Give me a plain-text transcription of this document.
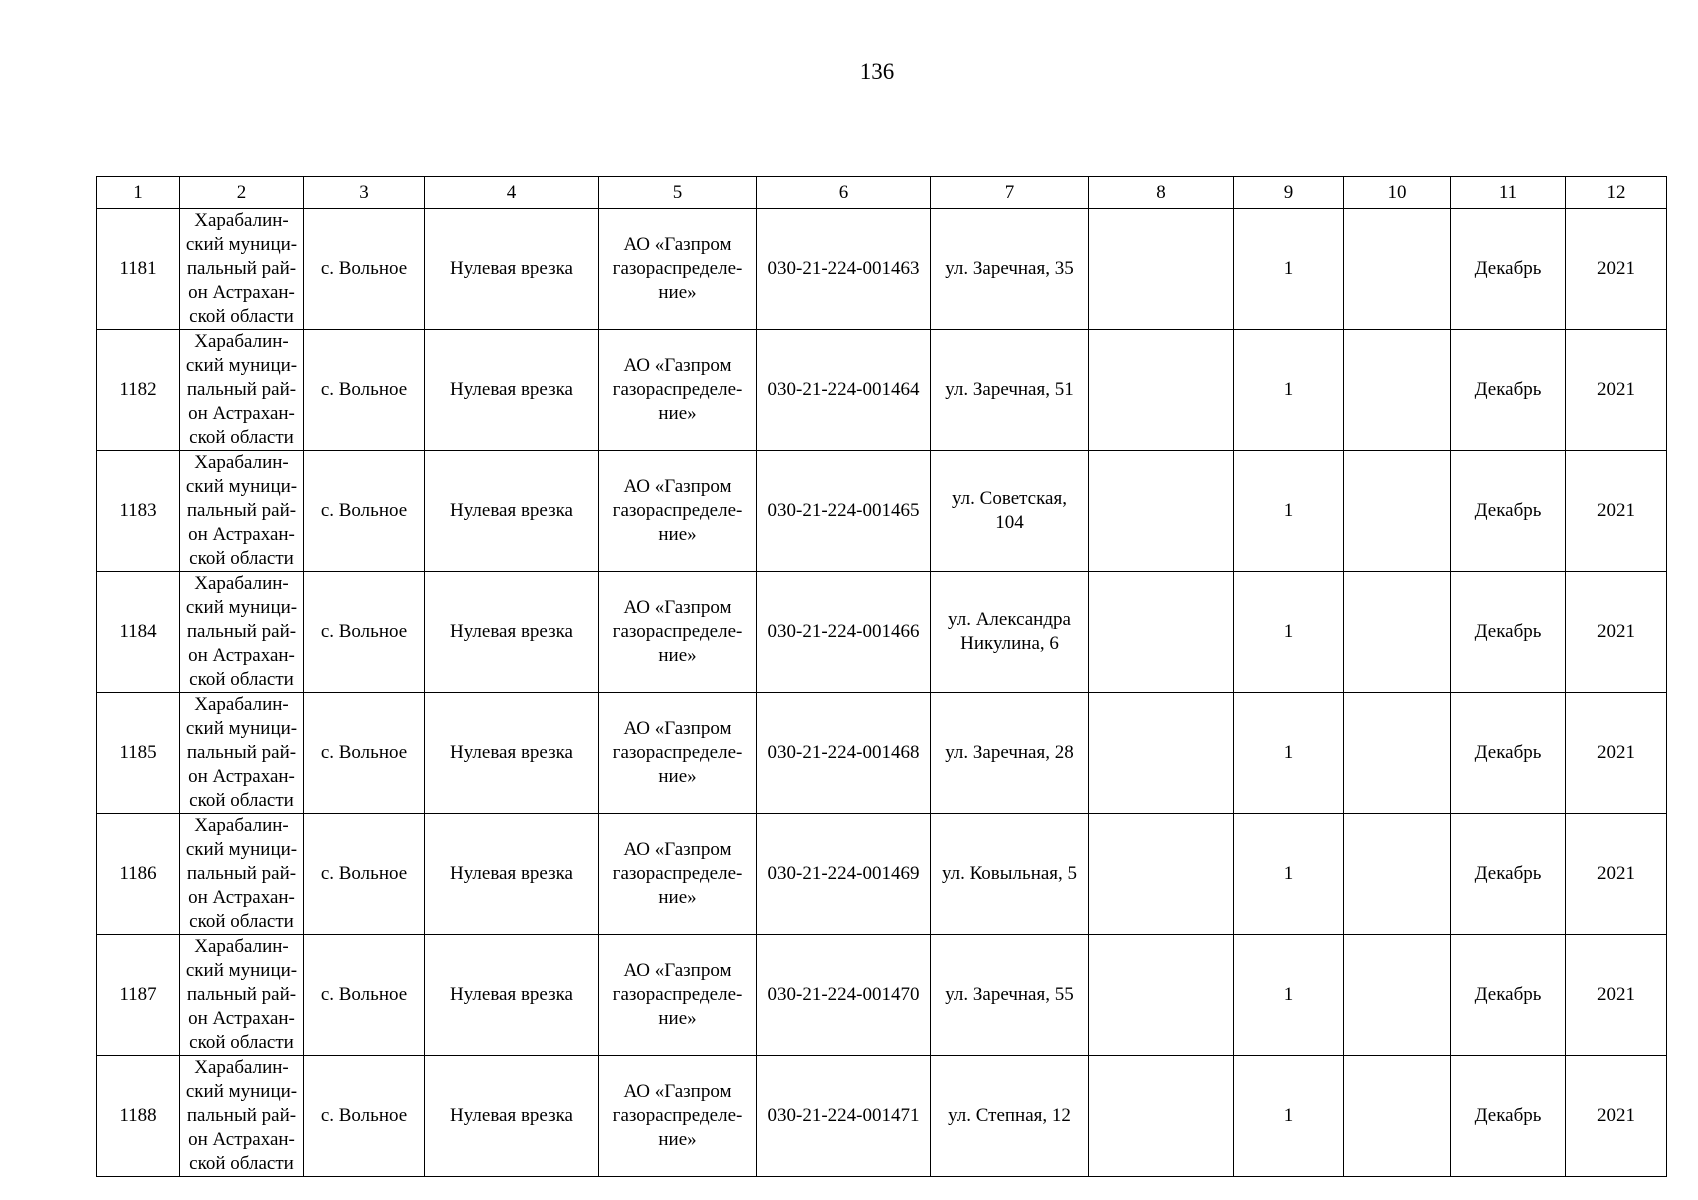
136
1	2	3	4	5	6	7	8	9	10	11	12

1181	Харабалин-
ский муници-
пальный рай-
он Астрахан-
ской области	с. Вольное	Нулевая врезка	АО «Газпром
газораспределе-
ние»	030-21-224-001463	ул. Заречная, 35		1		Декабрь	2021

1182	Харабалин-
ский муници-
пальный рай-
он Астрахан-
ской области	с. Вольное	Нулевая врезка	АО «Газпром
газораспределе-
ние»	030-21-224-001464	ул. Заречная, 51		1		Декабрь	2021

1183	Харабалин-
ский муници-
пальный рай-
он Астрахан-
ской области	с. Вольное	Нулевая врезка	АО «Газпром
газораспределе-
ние»	030-21-224-001465	ул. Советская,
104		1		Декабрь	2021

1184	Харабалин-
ский муници-
пальный рай-
он Астрахан-
ской области	с. Вольное	Нулевая врезка	АО «Газпром
газораспределе-
ние»	030-21-224-001466	ул. Александра
Никулина, 6		1		Декабрь	2021

1185	Харабалин-
ский муници-
пальный рай-
он Астрахан-
ской области	с. Вольное	Нулевая врезка	АО «Газпром
газораспределе-
ние»	030-21-224-001468	ул. Заречная, 28		1		Декабрь	2021

1186	Харабалин-
ский муници-
пальный рай-
он Астрахан-
ской области	с. Вольное	Нулевая врезка	АО «Газпром
газораспределе-
ние»	030-21-224-001469	ул. Ковыльная, 5		1		Декабрь	2021

1187	Харабалин-
ский муници-
пальный рай-
он Астрахан-
ской области	с. Вольное	Нулевая врезка	АО «Газпром
газораспределе-
ние»	030-21-224-001470	ул. Заречная, 55		1		Декабрь	2021

1188	Харабалин-
ский муници-
пальный рай-
он Астрахан-
ской области	с. Вольное	Нулевая врезка	АО «Газпром
газораспределе-
ние»	030-21-224-001471	ул. Степная, 12		1		Декабрь	2021
